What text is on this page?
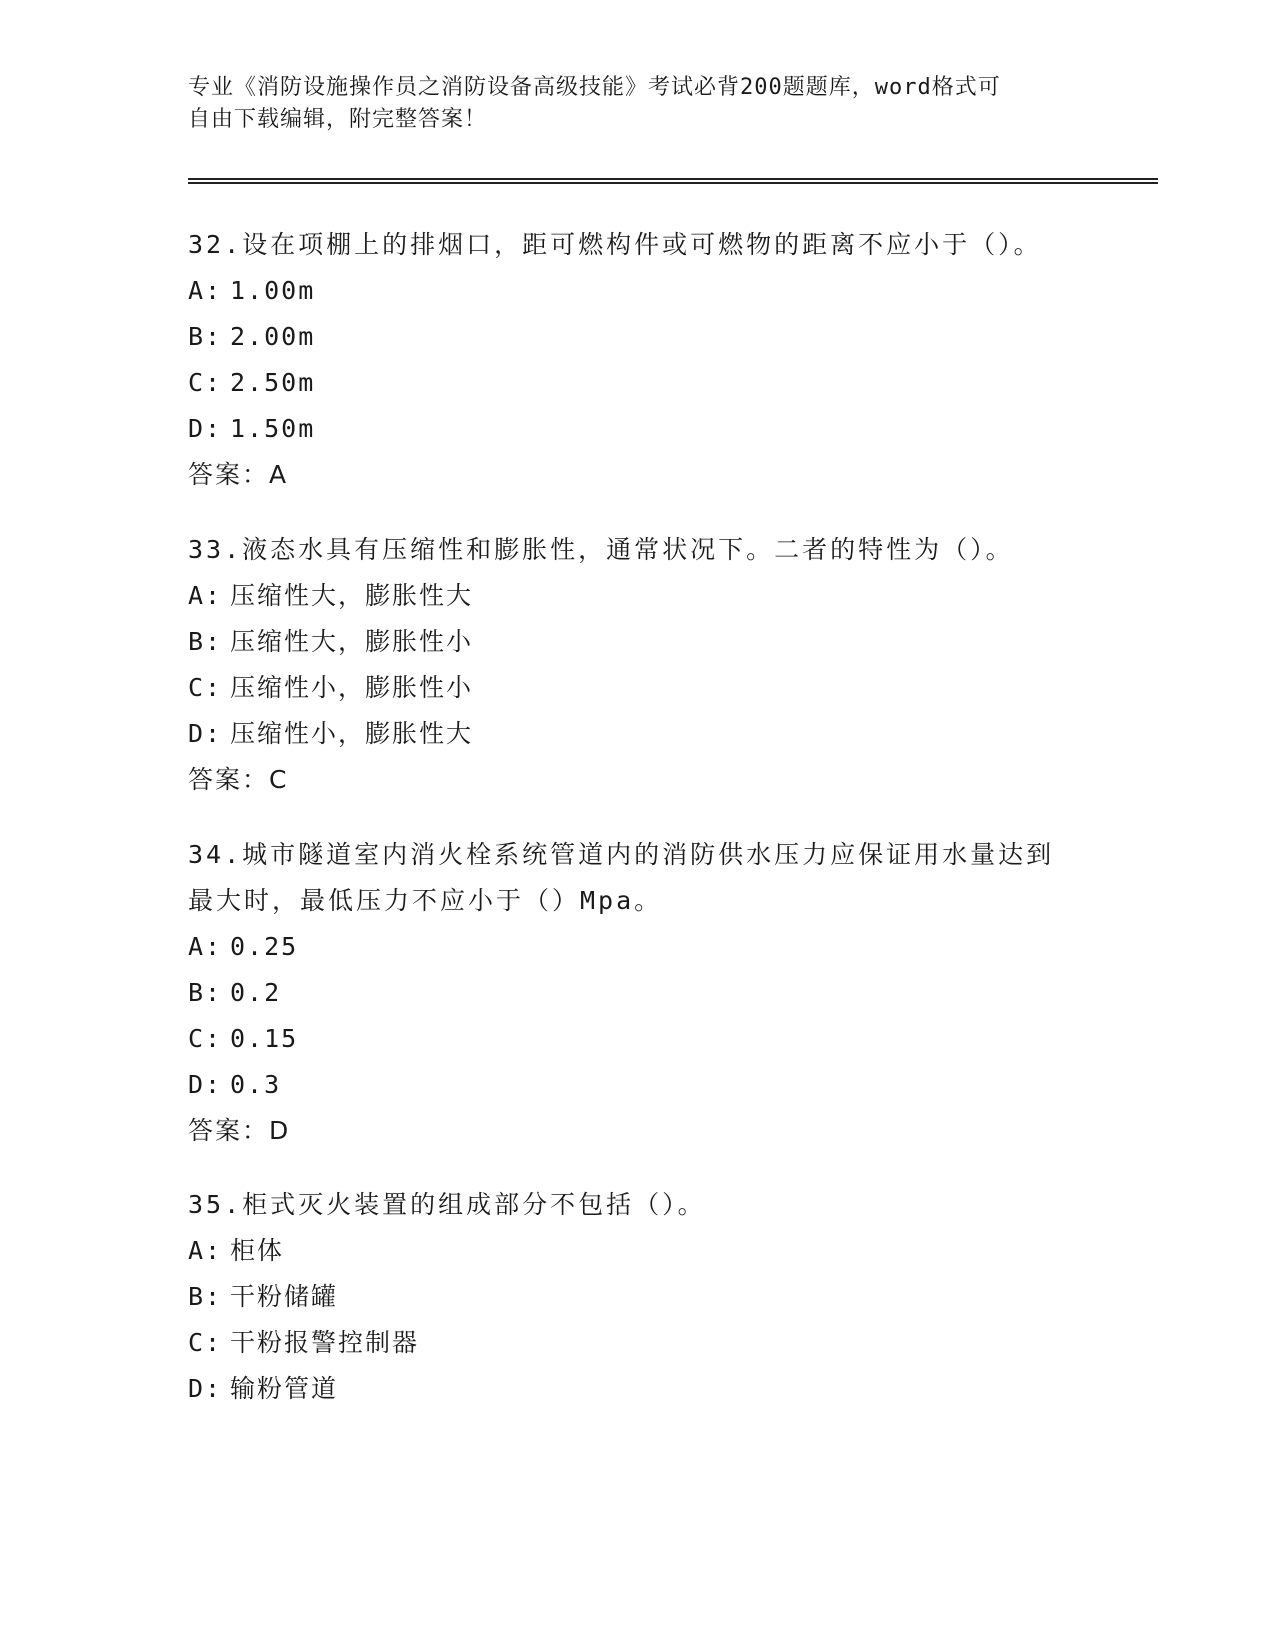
专业《消防设施操作员之消防设备高级技能》考试必背200题题库，word格式可
自由下载编辑，附完整答案！

32.设在项棚上的排烟口，距可燃构件或可燃物的距离不应小于（）。

A: 1.00m

B: 2.00m

C: 2.50m

D: 1.50m

答案：A

33.液态水具有压缩性和膨胀性，通常状况下。二者的特性为（）。

A: 压缩性大，膨胀性大

B: 压缩性大，膨胀性小

C: 压缩性小，膨胀性小

D: 压缩性小，膨胀性大

答案：C

34.城市隧道室内消火栓系统管道内的消防供水压力应保证用水量达到

最大时，最低压力不应小于（）Mpa。

A: 0.25

B: 0.2

C: 0.15

D: 0.3

答案：D

35.柜式灭火装置的组成部分不包括（）。

A: 柜体

B: 干粉储罐

C: 干粉报警控制器

D: 输粉管道
